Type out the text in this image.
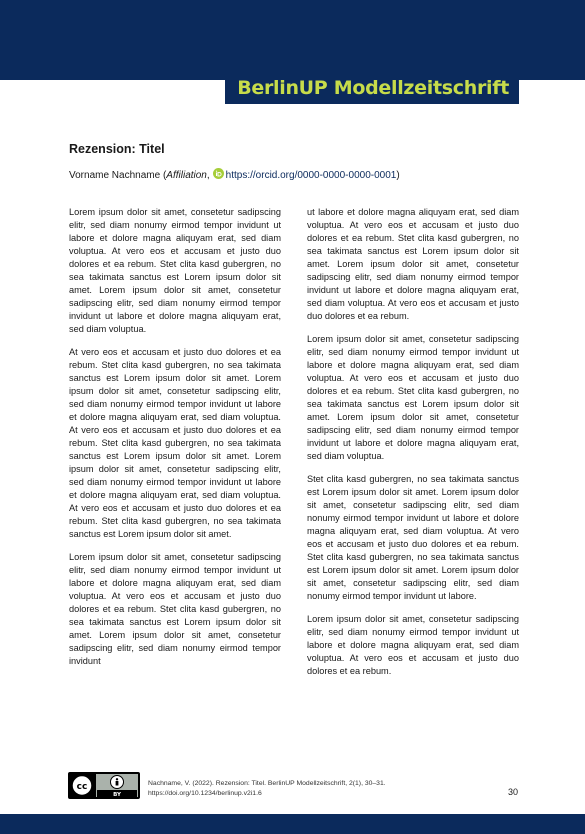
BerlinUP Modellzeitschrift
Rezension: Titel
Vorname Nachname (Affiliation, https://orcid.org/0000-0000-0000-0001)

Lorem ipsum dolor sit amet, consetetur sadipscing elitr, sed diam nonumy eirmod tempor invidunt ut labore et dolore magna aliquyam erat, sed diam voluptua. At vero eos et accusam et justo duo dolores et ea rebum. Stet clita kasd gubergren, no sea takimata sanctus est Lorem ipsum dolor sit amet. Lorem ipsum dolor sit amet, consetetur sadipscing elitr, sed diam nonumy eirmod tempor invidunt ut labore et dolore magna aliquyam erat, sed diam voluptua.

At vero eos et accusam et justo duo dolores et ea rebum. Stet clita kasd gubergren, no sea takimata sanctus est Lorem ipsum dolor sit amet. Lorem ipsum dolor sit amet, consetetur sadipscing elitr, sed diam nonumy eirmod tempor invidunt ut labore et dolore magna aliquyam erat, sed diam voluptua. At vero eos et accusam et justo duo dolores et ea rebum. Stet clita kasd gubergren, no sea takimata sanctus est Lorem ipsum dolor sit amet. Lorem ipsum dolor sit amet, consetetur sadipscing elitr, sed diam nonumy eirmod tempor invidunt ut labore et dolore magna aliquyam erat, sed diam voluptua. At vero eos et accusam et justo duo dolores et ea rebum. Stet clita kasd gubergren, no sea takimata sanctus est Lorem ipsum dolor sit amet.

Lorem ipsum dolor sit amet, consetetur sadipscing elitr, sed diam nonumy eirmod tempor invidunt ut labore et dolore magna aliquyam erat, sed diam voluptua. At vero eos et accusam et justo duo dolores et ea rebum. Stet clita kasd gubergren, no sea takimata sanctus est Lorem ipsum dolor sit amet. Lorem ipsum dolor sit amet, consetetur sadipscing elitr, sed diam nonumy eirmod tempor invidunt

ut labore et dolore magna aliquyam erat, sed diam voluptua. At vero eos et accusam et justo duo dolores et ea rebum. Stet clita kasd gubergren, no sea takimata sanctus est Lorem ipsum dolor sit amet. Lorem ipsum dolor sit amet, consetetur sadipscing elitr, sed diam nonumy eirmod tempor invidunt ut labore et dolore magna aliquyam erat, sed diam voluptua. At vero eos et accusam et justo duo dolores et ea rebum.

Lorem ipsum dolor sit amet, consetetur sadipscing elitr, sed diam nonumy eirmod tempor invidunt ut labore et dolore magna aliquyam erat, sed diam voluptua. At vero eos et accusam et justo duo dolores et ea rebum. Stet clita kasd gubergren, no sea takimata sanctus est Lorem ipsum dolor sit amet. Lorem ipsum dolor sit amet, consetetur sadipscing elitr, sed diam nonumy eirmod tempor invidunt ut labore et dolore magna aliquyam erat, sed diam voluptua.

Stet clita kasd gubergren, no sea takimata sanctus est Lorem ipsum dolor sit amet. Lorem ipsum dolor sit amet, consetetur sadipscing elitr, sed diam nonumy eirmod tempor invidunt ut labore et dolore magna aliquyam erat, sed diam voluptua. At vero eos et accusam et justo duo dolores et ea rebum. Stet clita kasd gubergren, no sea takimata sanctus est Lorem ipsum dolor sit amet. Lorem ipsum dolor sit amet, consetetur sadipscing elitr, sed diam nonumy eirmod tempor invidunt ut labore.

Lorem ipsum dolor sit amet, consetetur sadipscing elitr, sed diam nonumy eirmod tempor invidunt ut labore et dolore magna aliquyam erat, sed diam voluptua. At vero eos et accusam et justo duo dolores et ea rebum.

cc
BY
Nachname, V. (2022). Rezension: Titel. BerlinUP Modellzeitschrift, 2(1), 30–31.
https://doi.org/10.1234/berlinup.v2i1.6	30
